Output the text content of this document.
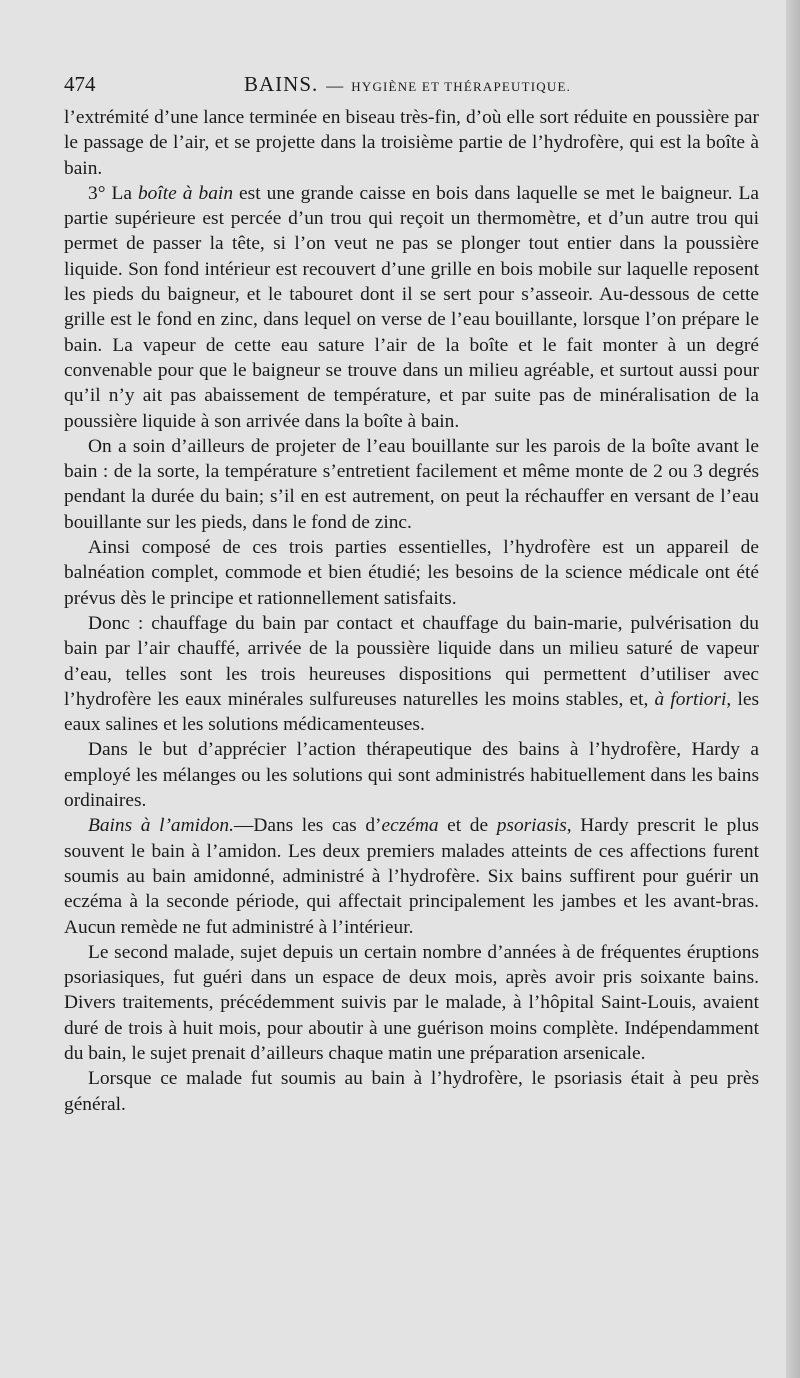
474	BAINS. — HYGIÈNE ET THÉRAPEUTIQUE.

l’extrémité d’une lance terminée en biseau très-fin, d’où elle sort réduite en poussière par le passage de l’air, et se projette dans la troisième partie de l’hydrofère, qui est la boîte à bain.

3° La boîte à bain est une grande caisse en bois dans laquelle se met le baigneur. La partie supérieure est percée d’un trou qui reçoit un thermomètre, et d’un autre trou qui permet de passer la tête, si l’on veut ne pas se plonger tout entier dans la poussière liquide. Son fond intérieur est recouvert d’une grille en bois mobile sur laquelle reposent les pieds du baigneur, et le tabouret dont il se sert pour s’asseoir. Au-dessous de cette grille est le fond en zinc, dans lequel on verse de l’eau bouillante, lorsque l’on prépare le bain. La vapeur de cette eau sature l’air de la boîte et le fait monter à un degré convenable pour que le baigneur se trouve dans un milieu agréable, et surtout aussi pour qu’il n’y ait pas abaissement de température, et par suite pas de minéralisation de la poussière liquide à son arrivée dans la boîte à bain.

On a soin d’ailleurs de projeter de l’eau bouillante sur les parois de la boîte avant le bain : de la sorte, la température s’entretient facilement et même monte de 2 ou 3 degrés pendant la durée du bain; s’il en est autrement, on peut la réchauffer en versant de l’eau bouillante sur les pieds, dans le fond de zinc.

Ainsi composé de ces trois parties essentielles, l’hydrofère est un appareil de balnéation complet, commode et bien étudié; les besoins de la science médicale ont été prévus dès le principe et rationnellement satisfaits.

Donc : chauffage du bain par contact et chauffage du bain-marie, pulvérisation du bain par l’air chauffé, arrivée de la poussière liquide dans un milieu saturé de vapeur d’eau, telles sont les trois heureuses dispositions qui permettent d’utiliser avec l’hydrofère les eaux minérales sulfureuses naturelles les moins stables, et, à fortiori, les eaux salines et les solutions médicamenteuses.

Dans le but d’apprécier l’action thérapeutique des bains à l’hydrofère, Hardy a employé les mélanges ou les solutions qui sont administrés habituellement dans les bains ordinaires.

Bains à l’amidon.—Dans les cas d’eczéma et de psoriasis, Hardy prescrit le plus souvent le bain à l’amidon. Les deux premiers malades atteints de ces affections furent soumis au bain amidonné, administré à l’hydrofère. Six bains suffirent pour guérir un eczéma à la seconde période, qui affectait principalement les jambes et les avant-bras. Aucun remède ne fut administré à l’intérieur.

Le second malade, sujet depuis un certain nombre d’années à de fréquentes éruptions psoriasiques, fut guéri dans un espace de deux mois, après avoir pris soixante bains. Divers traitements, précédemment suivis par le malade, à l’hôpital Saint-Louis, avaient duré de trois à huit mois, pour aboutir à une guérison moins complète. Indépendamment du bain, le sujet prenait d’ailleurs chaque matin une préparation arsenicale.

Lorsque ce malade fut soumis au bain à l’hydrofère, le psoriasis était à peu près général.
